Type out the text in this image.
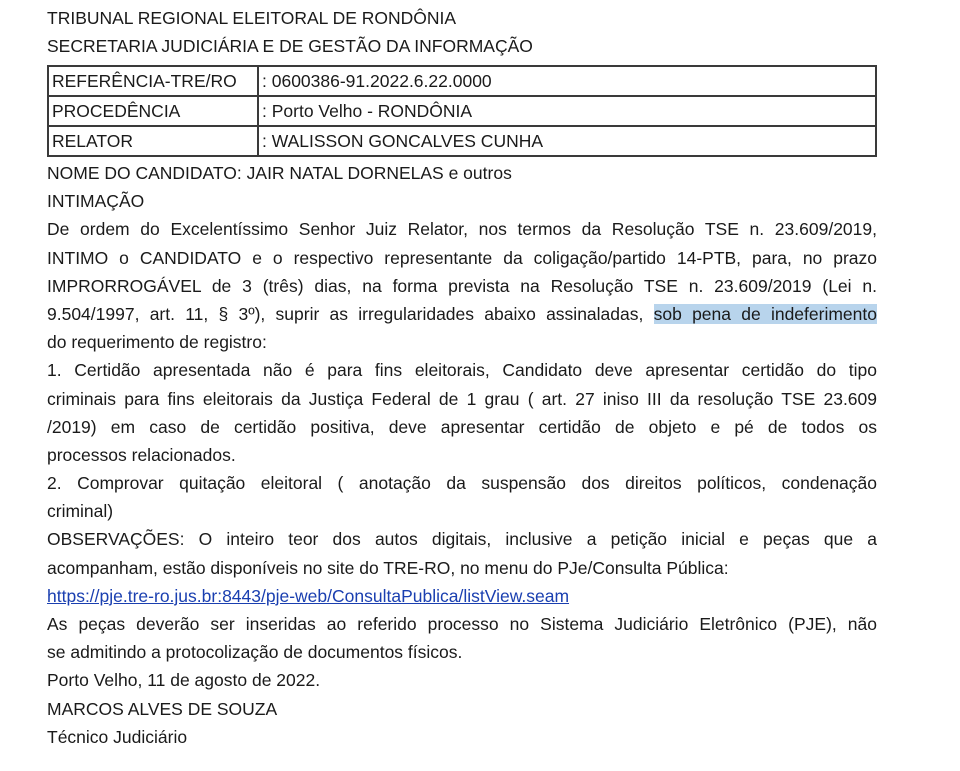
TRIBUNAL REGIONAL ELEITORAL DE RONDÔNIA
SECRETARIA JUDICIÁRIA E DE GESTÃO DA INFORMAÇÃO
REFERÊNCIA-TRE/RO	: 0600386-91.2022.6.22.0000
PROCEDÊNCIA	: Porto Velho - RONDÔNIA
RELATOR	: WALISSON GONCALVES CUNHA
NOME DO CANDIDATO: JAIR NATAL DORNELAS e outros
INTIMAÇÃO
De ordem do Excelentíssimo Senhor Juiz Relator, nos termos da Resolução TSE n. 23.609/2019,
INTIMO o CANDIDATO e o respectivo representante da coligação/partido 14-PTB, para, no prazo
IMPRORROGÁVEL de 3 (três) dias, na forma prevista na Resolução TSE n. 23.609/2019 (Lei n.
9.504/1997, art. 11, § 3º), suprir as irregularidades abaixo assinaladas, sob pena de indeferimento
do requerimento de registro:
1. Certidão apresentada não é para fins eleitorais, Candidato deve apresentar certidão do tipo
criminais para fins eleitorais da Justiça Federal de 1 grau ( art. 27 iniso III da resolução TSE 23.609
/2019) em caso de certidão positiva, deve apresentar certidão de objeto e pé de todos os
processos relacionados.
2. Comprovar quitação eleitoral ( anotação da suspensão dos direitos políticos, condenação
criminal)
OBSERVAÇÕES: O inteiro teor dos autos digitais, inclusive a petição inicial e peças que a
acompanham, estão disponíveis no site do TRE-RO, no menu do PJe/Consulta Pública:
https://pje.tre-ro.jus.br:8443/pje-web/ConsultaPublica/listView.seam
As peças deverão ser inseridas ao referido processo no Sistema Judiciário Eletrônico (PJE), não
se admitindo a protocolização de documentos físicos.
Porto Velho, 11 de agosto de 2022.
MARCOS ALVES DE SOUZA
Técnico Judiciário
